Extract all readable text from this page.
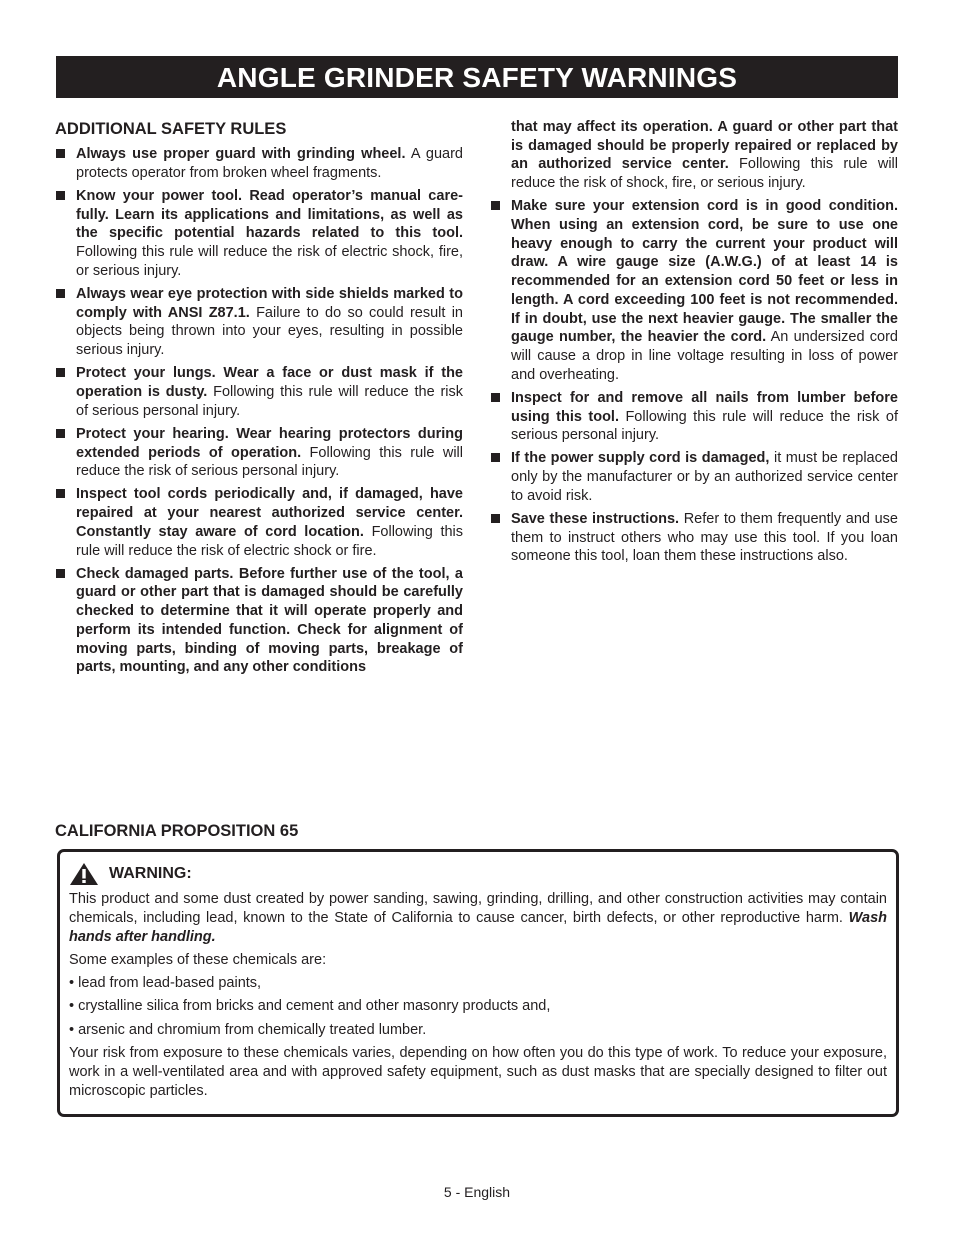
ANGLE GRINDER SAFETY WARNINGS
ADDITIONAL SAFETY RULES
Always use proper guard with grinding wheel. A guard protects operator from broken wheel fragments.
Know your power tool. Read operator’s manual carefully. Learn its applications and limitations, as well as the specific potential hazards related to this tool. Following this rule will reduce the risk of electric shock, fire, or serious injury.
Always wear eye protection with side shields marked to comply with ANSI Z87.1. Failure to do so could result in objects being thrown into your eyes, resulting in possible serious injury.
Protect your lungs. Wear a face or dust mask if the operation is dusty. Following this rule will reduce the risk of serious personal injury.
Protect your hearing. Wear hearing protectors during extended periods of operation. Following this rule will reduce the risk of serious personal injury.
Inspect tool cords periodically and, if damaged, have repaired at your nearest authorized service center. Constantly stay aware of cord location. Following this rule will reduce the risk of electric shock or fire.
Check damaged parts. Before further use of the tool, a guard or other part that is damaged should be carefully checked to determine that it will operate properly and perform its intended function. Check for alignment of moving parts, binding of moving parts, breakage of parts, mounting, and any other conditions
that may affect its operation. A guard or other part that is damaged should be properly repaired or replaced by an authorized service center. Following this rule will reduce the risk of shock, fire, or serious injury.
Make sure your extension cord is in good condition. When using an extension cord, be sure to use one heavy enough to carry the current your product will draw. A wire gauge size (A.W.G.) of at least 14 is recommended for an extension cord 50 feet or less in length. A cord exceeding 100 feet is not recommended. If in doubt, use the next heavier gauge. The smaller the gauge number, the heavier the cord. An undersized cord will cause a drop in line voltage resulting in loss of power and overheating.
Inspect for and remove all nails from lumber before using this tool. Following this rule will reduce the risk of serious personal injury.
If the power supply cord is damaged, it must be replaced only by the manufacturer or by an authorized service center to avoid risk.
Save these instructions. Refer to them frequently and use them to instruct others who may use this tool. If you loan someone this tool, loan them these instructions also.
CALIFORNIA PROPOSITION 65
WARNING:

This product and some dust created by power sanding, sawing, grinding, drilling, and other construction activities may contain chemicals, including lead, known to the State of California to cause cancer, birth defects, or other reproductive harm. Wash hands after handling.

Some examples of these chemicals are:

• lead from lead-based paints,

• crystalline silica from bricks and cement and other masonry products and,

• arsenic and chromium from chemically treated lumber.

Your risk from exposure to these chemicals varies, depending on how often you do this type of work. To reduce your exposure, work in a well-ventilated area and with approved safety equipment, such as dust masks that are specially designed to filter out microscopic particles.

5 - English
